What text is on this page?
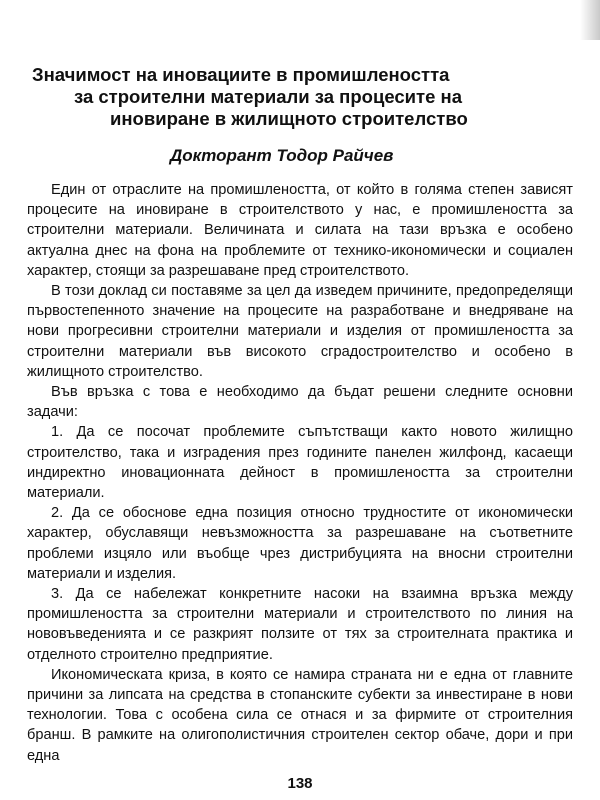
Значимост на иновациите в промишлеността
за строителни материали за процесите на
иновиране в жилищното строителство
Докторант Тодор Райчев

Един от отраслите на промишлеността, от който в голяма степен зависят процесите на иновиране в строителството у нас, е промишлеността за строителни материали. Величината и силата на тази връзка е особено актуална днес на фона на проблемите от технико-икономически и социален характер, стоящи за разрешаване пред строителството.

В този доклад си поставяме за цел да изведем причините, предопределящи първостепенното значение на процесите на разработване и внедряване на нови прогресивни строителни материали и изделия от промишлеността за строителни материали във високото сградостроителство и особено в жилищното строителство.

Във връзка с това е необходимо да бъдат решени следните основни задачи:

1. Да се посочат проблемите съпътстващи както новото жилищно строителство, така и изградения през годините панелен жилфонд, касаещи индиректно иновационната дейност в промишлеността за строителни материали.

2. Да се обоснове една позиция относно трудностите от икономически характер, обуславящи невъзможността за разрешаване на съответните проблеми изцяло или въобще чрез дистрибуцията на вносни строителни материали и изделия.

3. Да се набележат конкретните насоки на взаимна връзка между промишлеността за строителни материали и строителството по линия на нововъведенията и се разкрият ползите от тях за строителната практика и отделното строително предприятие.

Икономическата криза, в която се намира страната ни е една от главните причини за липсата на средства в стопанските субекти за инвестиране в нови технологии. Това с особена сила се отнася и за фирмите от строителния бранш. В рамките на олигополистичния строителен сектор обаче, дори и при една

138
